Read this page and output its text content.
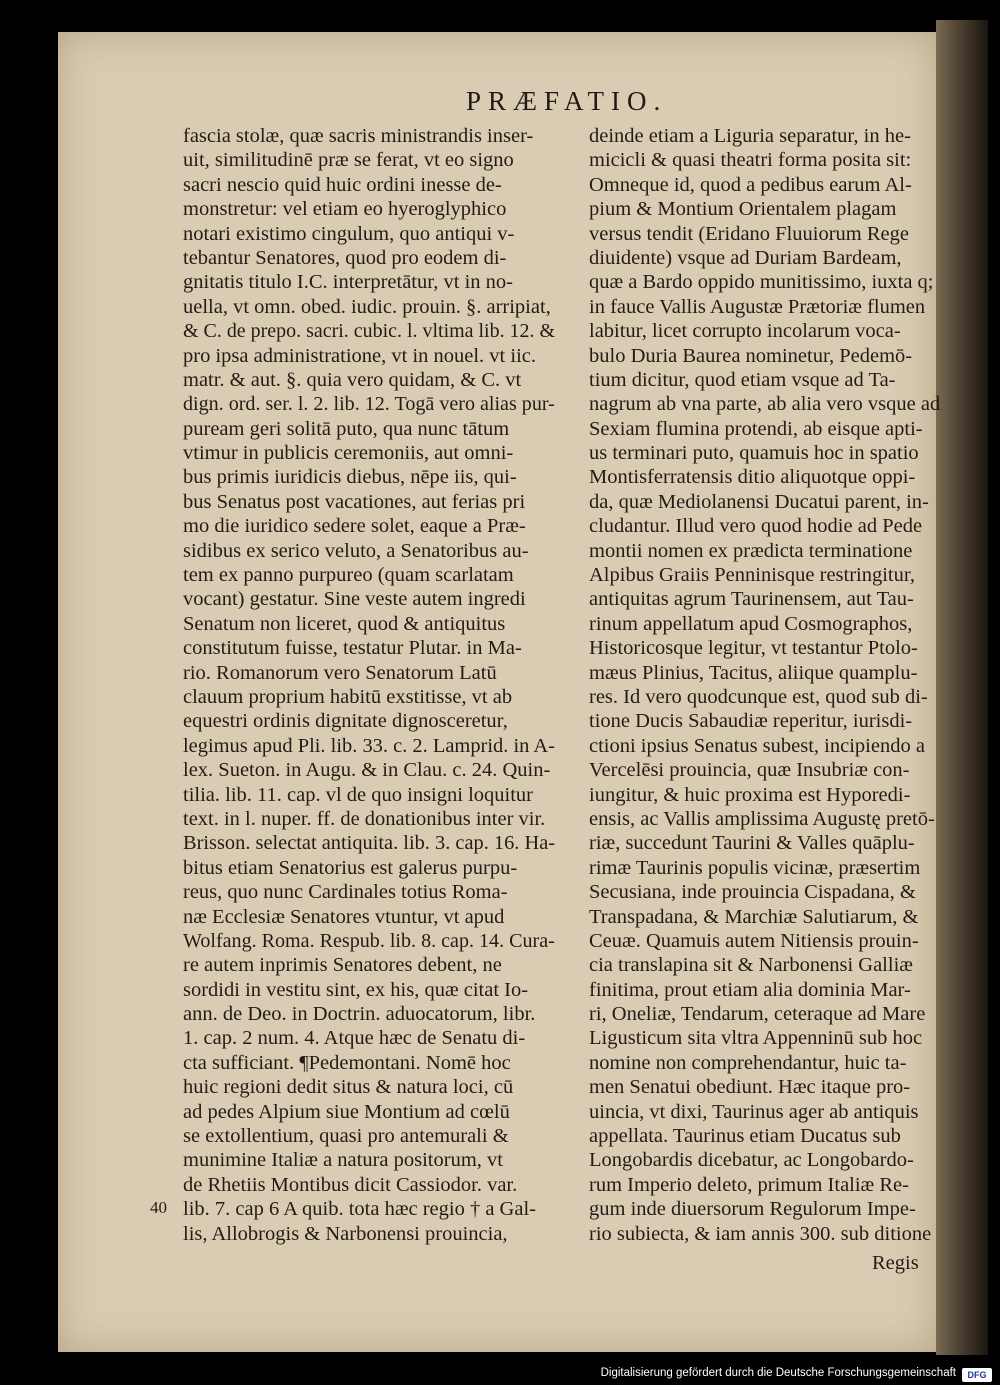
PRÆFATIO.
fascia stolæ, quæ sacris ministrandis inser-
uit, similitudinē præ se ferat, vt eo signo
sacri nescio quid huic ordini inesse de-
monstretur: vel etiam eo hyeroglyphico
notari existimo cingulum, quo antiqui v-
tebantur Senatores, quod pro eodem di-
gnitatis titulo I.C. interpretātur, vt in no-
uella, vt omn. obed. iudic. prouin. §. arripiat,
& C. de prepo. sacri. cubic. l. vltima lib. 12. &
pro ipsa administratione, vt in nouel. vt iic.
matr. & aut. §. quia vero quidam, & C. vt
dign. ord. ser. l. 2. lib. 12. Togā vero alias pur-
puream geri solitā puto, qua nunc tātum
vtimur in publicis ceremoniis, aut omni-
bus primis iuridicis diebus, nēpe iis, qui-
bus Senatus post vacationes, aut ferias pri
mo die iuridico sedere solet, eaque a Præ-
sidibus ex serico veluto, a Senatoribus au-
tem ex panno purpureo (quam scarlatam
vocant) gestatur. Sine veste autem ingredi
Senatum non liceret, quod & antiquitus
constitutum fuisse, testatur Plutar. in Ma-
rio. Romanorum vero Senatorum Latū
clauum proprium habitū exstitisse, vt ab
equestri ordinis dignitate dignosceretur,
legimus apud Pli. lib. 33. c. 2. Lamprid. in A-
lex. Sueton. in Augu. & in Clau. c. 24. Quin-
tilia. lib. 11. cap. vl de quo insigni loquitur
text. in l. nuper. ff. de donationibus inter vir.
Brisson. selectat antiquita. lib. 3. cap. 16. Ha-
bitus etiam Senatorius est galerus purpu-
reus, quo nunc Cardinales totius Roma-
næ Ecclesiæ Senatores vtuntur, vt apud
Wolfang. Roma. Respub. lib. 8. cap. 14. Cura-
re autem inprimis Senatores debent, ne
sordidi in vestitu sint, ex his, quæ citat Io-
ann. de Deo. in Doctrin. aduocatorum, libr.
1. cap. 2 num. 4. Atque hæc de Senatu di-
cta sufficiant. ¶Pedemontani. Nomē hoc
huic regioni dedit situs & natura loci, cū
ad pedes Alpium siue Montium ad cœlū
se extollentium, quasi pro antemurali &
munimine Italiæ a natura positorum, vt
de Rhetiis Montibus dicit Cassiodor. var.
lib. 7. cap 6 A quib. tota hæc regio † a Gal-
lis, Allobrogis & Narbonensi prouincia,
deinde etiam a Liguria separatur, in he-
micicli & quasi theatri forma posita sit:
Omneque id, quod a pedibus earum Al-
pium & Montium Orientalem plagam
versus tendit (Eridano Fluuiorum Rege
diuidente) vsque ad Duriam Bardeam,
quæ a Bardo oppido munitissimo, iuxta q;
in fauce Vallis Augustæ Prætoriæ flumen
labitur, licet corrupto incolarum voca-
bulo Duria Baurea nominetur, Pedemō-
tium dicitur, quod etiam vsque ad Ta-
nagrum ab vna parte, ab alia vero vsque ad
Sexiam flumina protendi, ab eisque apti-
us terminari puto, quamuis hoc in spatio
Montisferratensis ditio aliquotque oppi-
da, quæ Mediolanensi Ducatui parent, in-
cludantur. Illud vero quod hodie ad Pede
montii nomen ex prædicta terminatione
Alpibus Graiis Penninisque restringitur,
antiquitas agrum Taurinensem, aut Tau-
rinum appellatum apud Cosmographos,
Historicosque legitur, vt testantur Ptolo-
mæus Plinius, Tacitus, aliique quamplu-
res. Id vero quodcunque est, quod sub di-
tione Ducis Sabaudiæ reperitur, iurisdi-
ctioni ipsius Senatus subest, incipiendo a
Vercelēsi prouincia, quæ Insubriæ con-
iungitur, & huic proxima est Hyporedi-
ensis, ac Vallis amplissima Augustę pretō-
riæ, succedunt Taurini & Valles quāplu-
rimæ Taurinis populis vicinæ, præsertim
Secusiana, inde prouincia Cispadana, &
Transpadana, & Marchiæ Salutiarum, &
Ceuæ. Quamuis autem Nitiensis prouin-
cia translapina sit & Narbonensi Galliæ
finitima, prout etiam alia dominia Mar-
ri, Oneliæ, Tendarum, ceteraque ad Mare
Ligusticum sita vltra Appenninū sub hoc
nomine non comprehendantur, huic ta-
men Senatui obediunt. Hæc itaque pro-
uincia, vt dixi, Taurinus ager ab antiquis
appellata. Taurinus etiam Ducatus sub
Longobardis dicebatur, ac Longobardo-
rum Imperio deleto, primum Italiæ Re-
gum inde diuersorum Regulorum Impe-
rio subiecta, & iam annis 300. sub ditione
40
Regis
Digitalisierung gefördert durch die Deutsche Forschungsgemeinschaft	DFG
